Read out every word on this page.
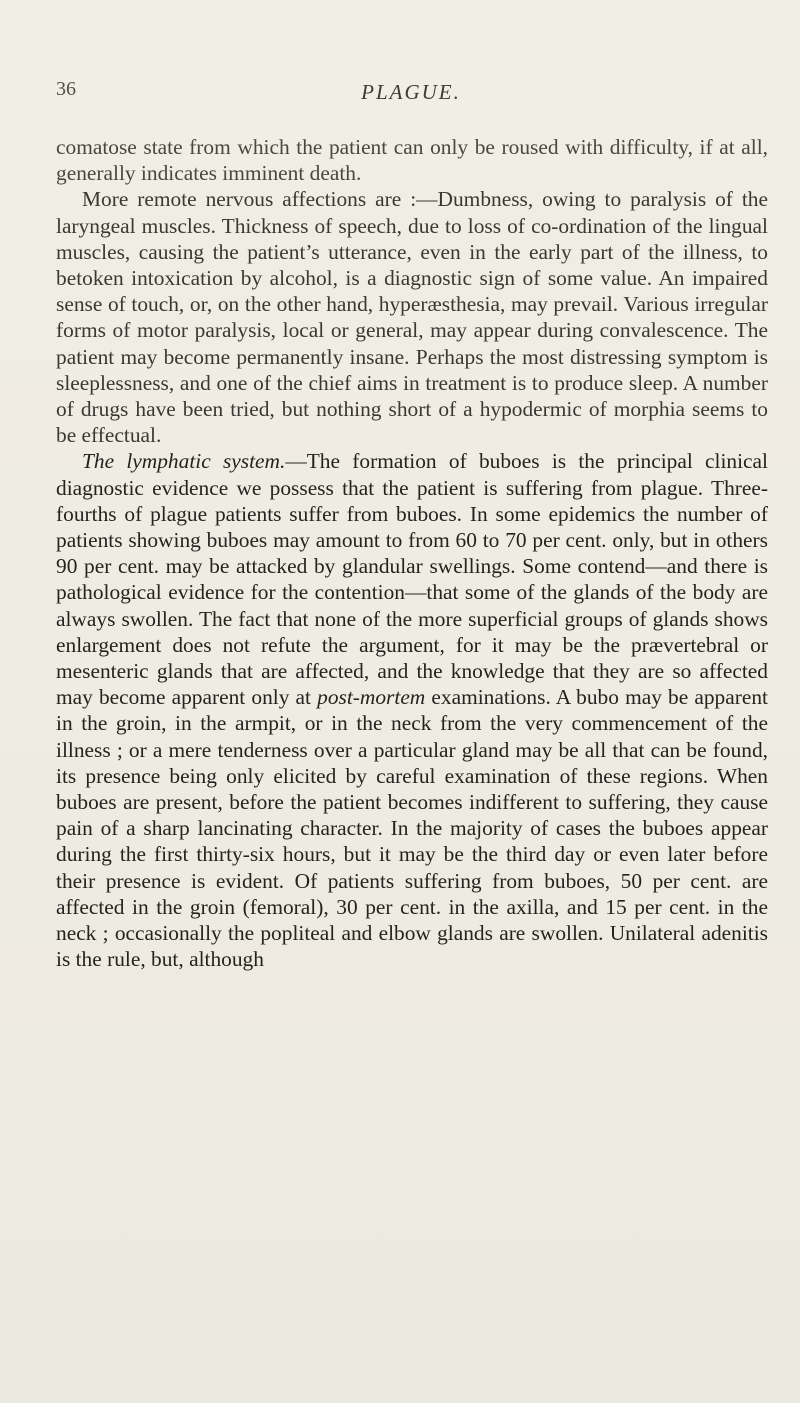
36	PLAGUE.

comatose state from which the patient can only be roused with difficulty, if at all, generally indicates imminent death.

More remote nervous affections are :—Dumbness, owing to paralysis of the laryngeal muscles. Thickness of speech, due to loss of co-ordination of the lingual muscles, causing the patient’s utterance, even in the early part of the illness, to betoken intoxication by alcohol, is a diagnostic sign of some value. An impaired sense of touch, or, on the other hand, hyperæsthesia, may prevail. Various irregular forms of motor paralysis, local or general, may appear during convalescence. The patient may become permanently insane. Perhaps the most distressing symptom is sleeplessness, and one of the chief aims in treatment is to produce sleep. A number of drugs have been tried, but nothing short of a hypodermic of morphia seems to be effectual.

The lymphatic system.—The formation of buboes is the principal clinical diagnostic evidence we possess that the patient is suffering from plague. Three-fourths of plague patients suffer from buboes. In some epidemics the number of patients showing buboes may amount to from 60 to 70 per cent. only, but in others 90 per cent. may be attacked by glandular swellings. Some contend—and there is pathological evidence for the contention—that some of the glands of the body are always swollen. The fact that none of the more superficial groups of glands shows enlargement does not refute the argument, for it may be the prævertebral or mesenteric glands that are affected, and the knowledge that they are so affected may become apparent only at post-mortem examinations. A bubo may be apparent in the groin, in the armpit, or in the neck from the very commencement of the illness ; or a mere tenderness over a particular gland may be all that can be found, its presence being only elicited by careful examination of these regions. When buboes are present, before the patient becomes indifferent to suffering, they cause pain of a sharp lancinating character. In the majority of cases the buboes appear during the first thirty-six hours, but it may be the third day or even later before their presence is evident. Of patients suffering from buboes, 50 per cent. are affected in the groin (femoral), 30 per cent. in the axilla, and 15 per cent. in the neck ; occasionally the popliteal and elbow glands are swollen. Unilateral adenitis is the rule, but, although
